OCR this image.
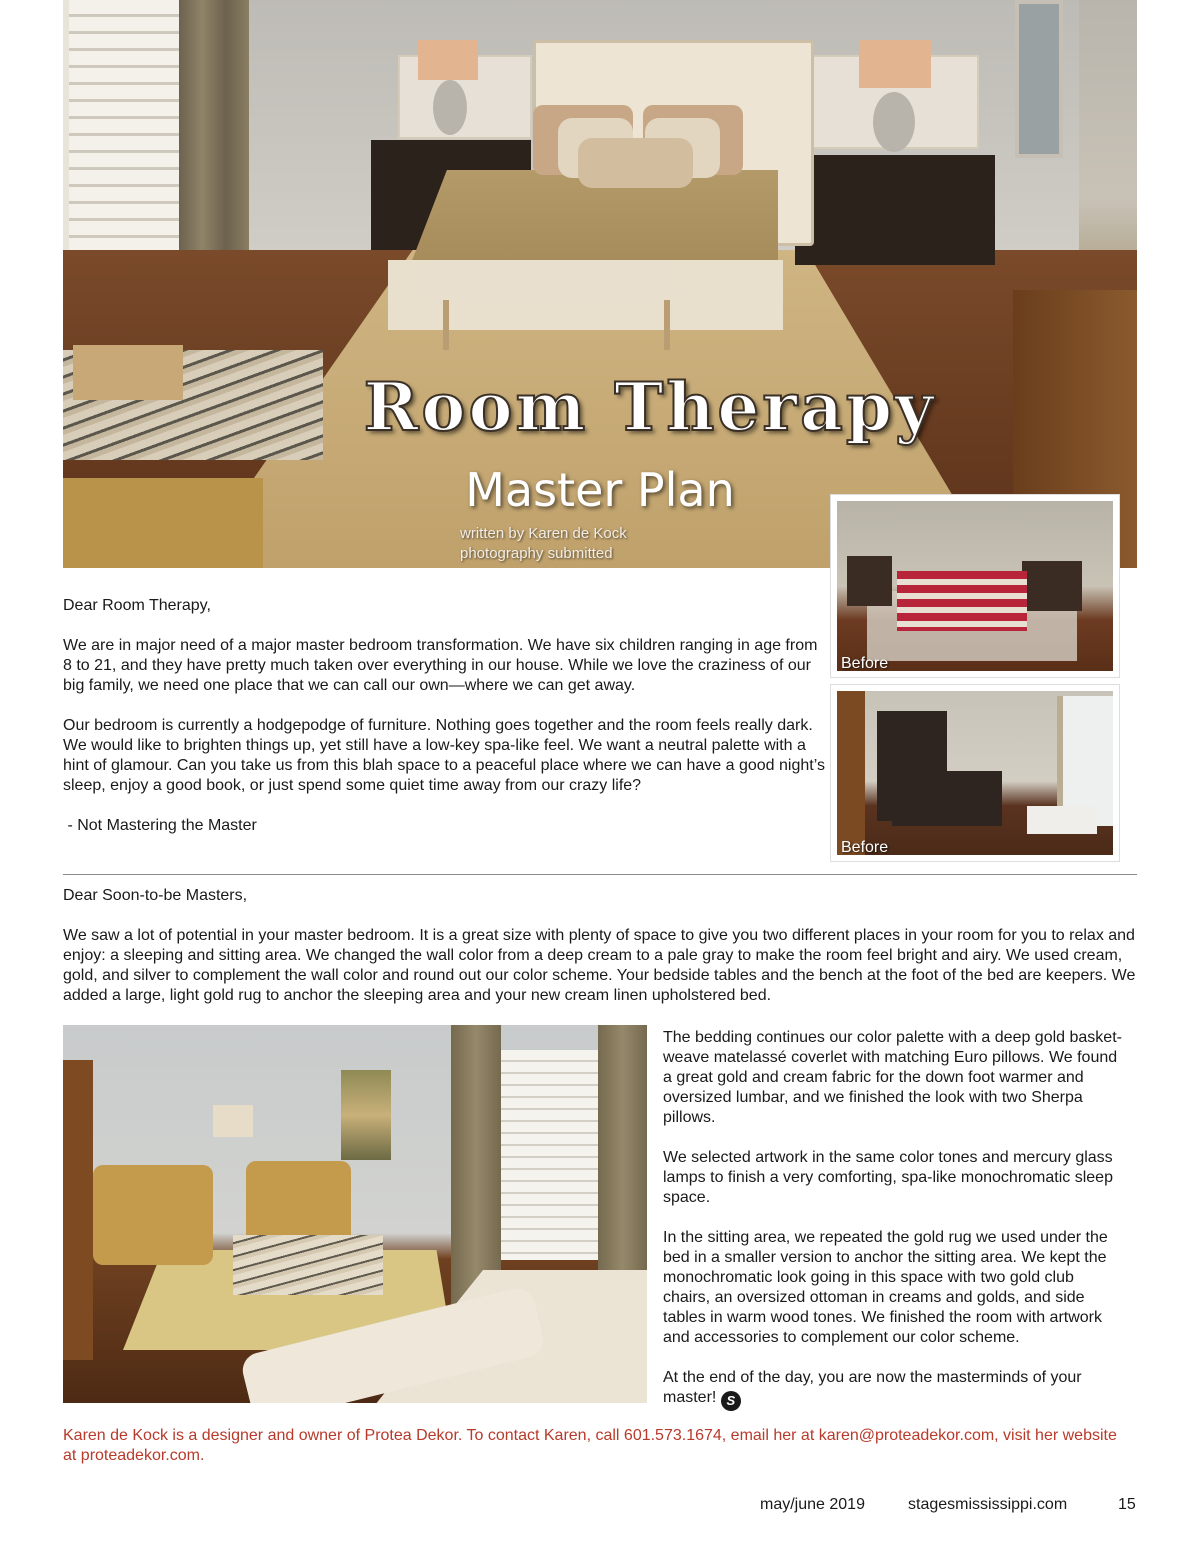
Room Therapy
Master Plan
written by Karen de Kock
photography submitted
Before
Before

Dear Room Therapy,

We are in major need of a major master bedroom transformation. We have six children ranging in age from 8 to 21, and they have pretty much taken over everything in our house. While we love the craziness of our big family, we need one place that we can call our own—where we can get away.

Our bedroom is currently a hodgepodge of furniture. Nothing goes together and the room feels really dark. We would like to brighten things up, yet still have a low-key spa-like feel. We want a neutral palette with a hint of glamour. Can you take us from this blah space to a peaceful place where we can have a good night’s sleep, enjoy a good book, or just spend some quiet time away from our crazy life?

- Not Mastering the Master

Dear Soon-to-be Masters,

We saw a lot of potential in your master bedroom. It is a great size with plenty of space to give you two different places in your room for you to relax and enjoy: a sleeping and sitting area. We changed the wall color from a deep cream to a pale gray to make the room feel bright and airy. We used cream, gold, and silver to complement the wall color and round out our color scheme. Your bedside tables and the bench at the foot of the bed are keepers. We added a large, light gold rug to anchor the sleeping area and your new cream linen upholstered bed.

The bedding continues our color palette with a deep gold basket-weave matelassé coverlet with matching Euro pillows. We found a great gold and cream fabric for the down foot warmer and oversized lumbar, and we finished the look with two Sherpa pillows.

We selected artwork in the same color tones and mercury glass lamps to finish a very comforting, spa-like monochromatic sleep space.

In the sitting area, we repeated the gold rug we used under the bed in a smaller version to anchor the sitting area. We kept the monochromatic look going in this space with two gold club chairs, an oversized ottoman in creams and golds, and side tables in warm wood tones. We finished the room with artwork and accessories to complement our color scheme.

At the end of the day, you are now the masterminds of your master! S

Karen de Kock is a designer and owner of Protea Dekor. To contact Karen, call 601.573.1674, email her at karen@proteadekor.com, visit her website at proteadekor.com.
may/june 2019	stagesmississippi.com	15
